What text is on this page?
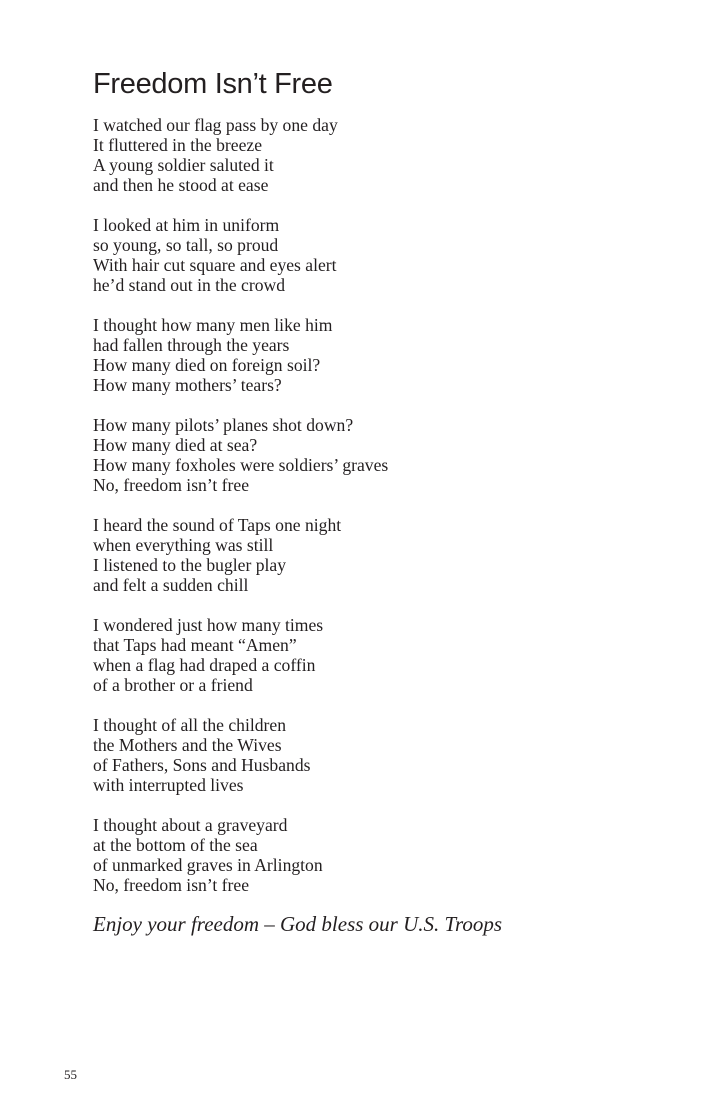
Freedom Isn’t Free
I watched our flag pass by one day
It fluttered in the breeze
A young soldier saluted it
and then he stood at ease
I looked at him in uniform
so young, so tall, so proud
With hair cut square and eyes alert
he’d stand out in the crowd
I thought how many men like him
had fallen through the years
How many died on foreign soil?
How many mothers’ tears?
How many pilots’ planes shot down?
How many died at sea?
How many foxholes were soldiers’ graves
No, freedom isn’t free
I heard the sound of Taps one night
when everything was still
I listened to the bugler play
and felt a sudden chill
I wondered just how many times
that Taps had meant “Amen”
when a flag had draped a coffin
of a brother or a friend
I thought of all the children
the Mothers and the Wives
of Fathers, Sons and Husbands
with interrupted lives
I thought about a graveyard
at the bottom of the sea
of unmarked graves in Arlington
No, freedom isn’t free

Enjoy your freedom – God bless our U.S. Troops

55
